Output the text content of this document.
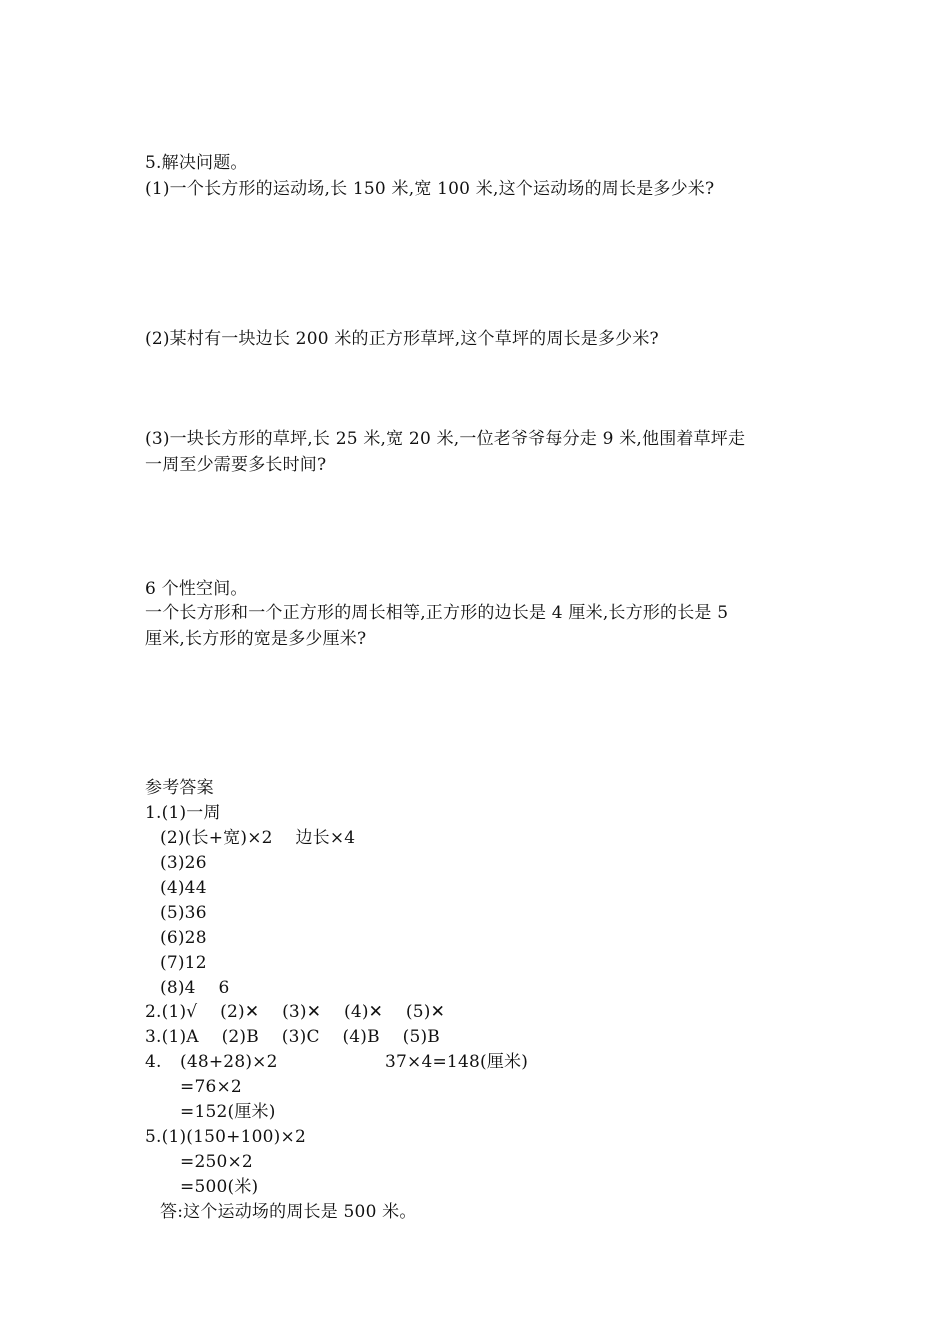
5.解决问题。
(1)一个长方形的运动场,长 150 米,宽 100 米,这个运动场的周长是多少米?
(2)某村有一块边长 200 米的正方形草坪,这个草坪的周长是多少米?
(3)一块长方形的草坪,长 25 米,宽 20 米,一位老爷爷每分走 9 米,他围着草坪走
一周至少需要多长时间?
6 个性空间。
一个长方形和一个正方形的周长相等,正方形的边长是 4 厘米,长方形的长是 5
厘米,长方形的宽是多少厘米?
参考答案
1.(1)一周
(2)(长+宽)×2　 边长×4
(3)26
(4)44
(5)36
(6)28
(7)12
(8)4　 6
2.(1)√　 (2)✕　 (3)✕　 (4)✕　 (5)✕
3.(1)A　 (2)B　 (3)C　 (4)B　 (5)B
4. (48+28)×2	37×4=148(厘米)
=76×2
=152(厘米)
5.(1)(150+100)×2
=250×2
=500(米)
答:这个运动场的周长是 500 米。
